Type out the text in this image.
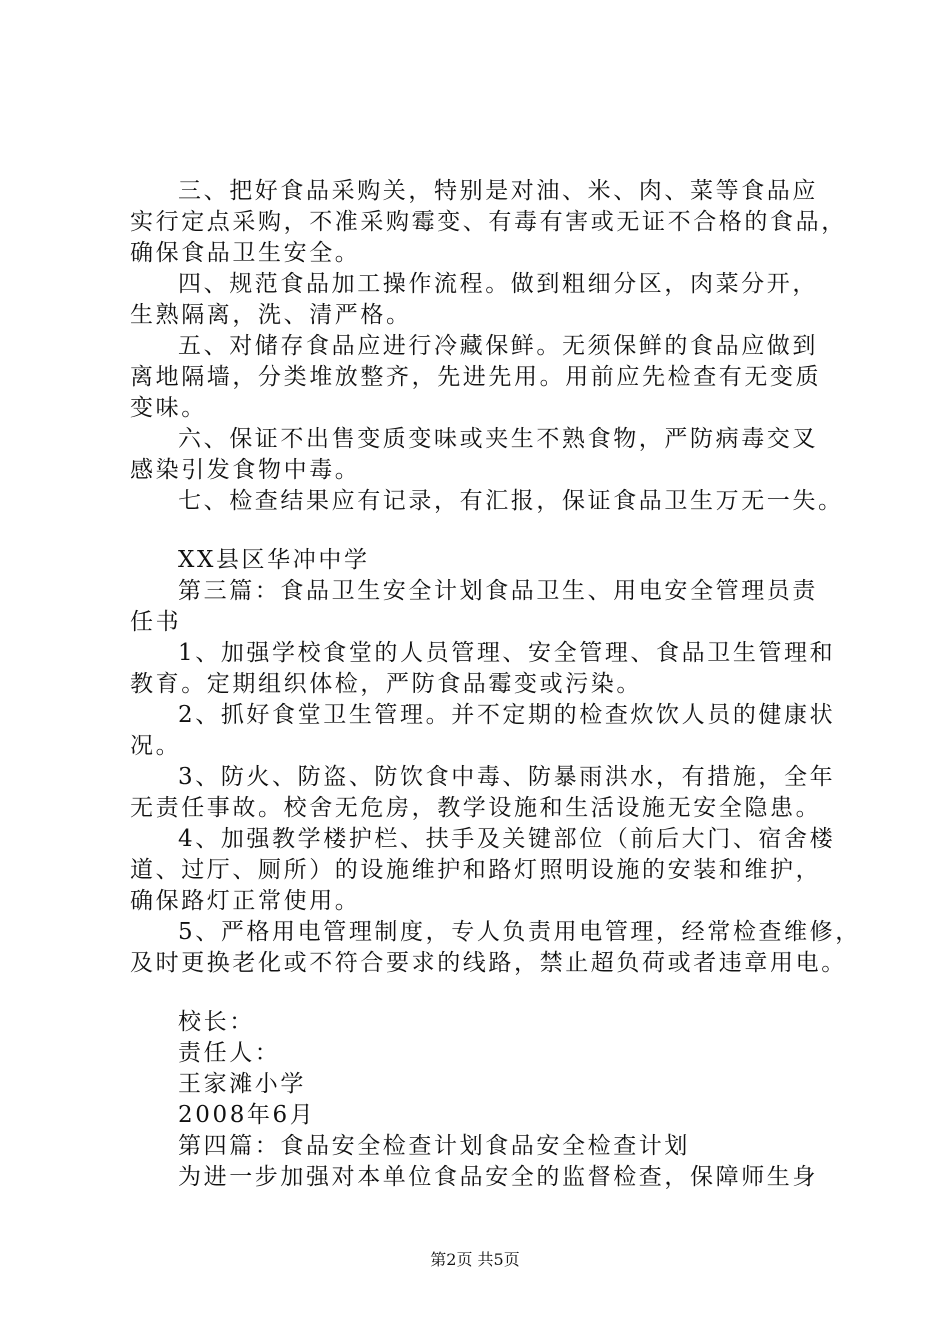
三、把好食品采购关，特别是对油、米、肉、菜等食品应
实行定点采购，不准采购霉变、有毒有害或无证不合格的食品，
确保食品卫生安全。
四、规范食品加工操作流程。做到粗细分区，肉菜分开，
生熟隔离，洗、清严格。
五、对储存食品应进行冷藏保鲜。无须保鲜的食品应做到
离地隔墙，分类堆放整齐，先进先用。用前应先检查有无变质
变味。
六、保证不出售变质变味或夹生不熟食物，严防病毒交叉
感染引发食物中毒。
七、检查结果应有记录，有汇报，保证食品卫生万无一失。
XX县区华冲中学
第三篇：食品卫生安全计划食品卫生、用电安全管理员责
任书
1、加强学校食堂的人员管理、安全管理、食品卫生管理和
教育。定期组织体检，严防食品霉变或污染。
2、抓好食堂卫生管理。并不定期的检查炊饮人员的健康状
况。
3、防火、防盗、防饮食中毒、防暴雨洪水，有措施，全年
无责任事故。校舍无危房，教学设施和生活设施无安全隐患。
4、加强教学楼护栏、扶手及关键部位（前后大门、宿舍楼
道、过厅、厕所）的设施维护和路灯照明设施的安装和维护，
确保路灯正常使用。
5、严格用电管理制度，专人负责用电管理，经常检查维修，
及时更换老化或不符合要求的线路，禁止超负荷或者违章用电。
校长：
责任人：
王家滩小学
2008年6月
第四篇：食品安全检查计划食品安全检查计划
为进一步加强对本单位食品安全的监督检查，保障师生身
第2页 共5页
